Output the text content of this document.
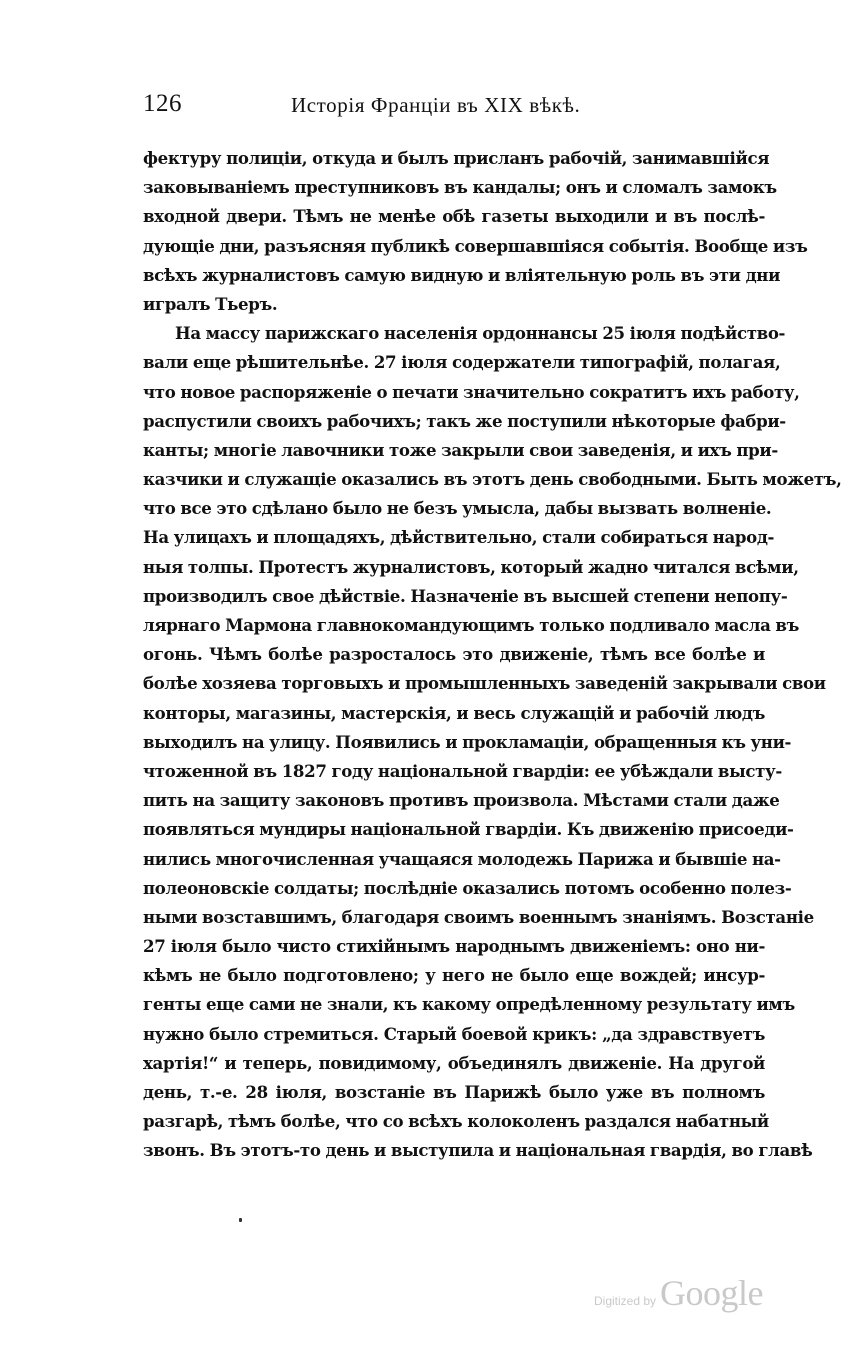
126	Исторія Франціи въ XIX вѣкѣ.
фектуру полиціи, откуда и былъ присланъ рабочій, занимавшійся
заковываніемъ преступниковъ въ кандалы; онъ и сломалъ замокъ
входной двери. Тѣмъ не менѣе обѣ газеты выходили и въ послѣ-
дующіе дни, разъясняя публикѣ совершавшіяся событія. Вообще изъ
всѣхъ журналистовъ самую видную и вліятельную роль въ эти дни
игралъ Тьеръ.
На массу парижскаго населенія ордоннансы 25 іюля подѣйство-
вали еще рѣшительнѣе. 27 іюля содержатели типографій, полагая,
что новое распоряженіе о печати значительно сократитъ ихъ работу,
распустили своихъ рабочихъ; такъ же поступили нѣкоторые фабри-
канты; многіе лавочники тоже закрыли свои заведенія, и ихъ при-
казчики и служащіе оказались въ этотъ день свободными. Быть можетъ,
что все это сдѣлано было не безъ умысла, дабы вызвать волненіе.
На улицахъ и площадяхъ, дѣйствительно, стали собираться народ-
ныя толпы. Протестъ журналистовъ, который жадно читался всѣми,
производилъ свое дѣйствіе. Назначеніе въ высшей степени непопу-
лярнаго Мармона главнокомандующимъ только подливало масла въ
огонь. Чѣмъ болѣе разросталось это движеніе, тѣмъ все болѣе и
болѣе хозяева торговыхъ и промышленныхъ заведеній закрывали свои
конторы, магазины, мастерскія, и весь служащій и рабочій людъ
выходилъ на улицу. Появились и прокламаціи, обращенныя къ уни-
чтоженной въ 1827 году національной гвардіи: ее убѣждали высту-
пить на защиту законовъ противъ произвола. Мѣстами стали даже
появляться мундиры національной гвардіи. Къ движенію присоеди-
нились многочисленная учащаяся молодежь Парижа и бывшіе на-
полеоновскіе солдаты; послѣдніе оказались потомъ особенно полез-
ными возставшимъ, благодаря своимъ военнымъ знаніямъ. Возстаніе
27 іюля было чисто стихійнымъ народнымъ движеніемъ: оно ни-
кѣмъ не было подготовлено; у него не было еще вождей; инсур-
генты еще сами не знали, къ какому опредѣленному результату имъ
нужно было стремиться. Старый боевой крикъ: „да здравствуетъ
хартія!“ и теперь, повидимому, объединялъ движеніе. На другой
день, т.-е. 28 іюля, возстаніе въ Парижѣ было уже въ полномъ
разгарѣ, тѣмъ болѣе, что со всѣхъ колоколенъ раздался набатный
звонъ. Въ этотъ-то день и выступила и національная гвардія, во главѣ
Digitized by Google
